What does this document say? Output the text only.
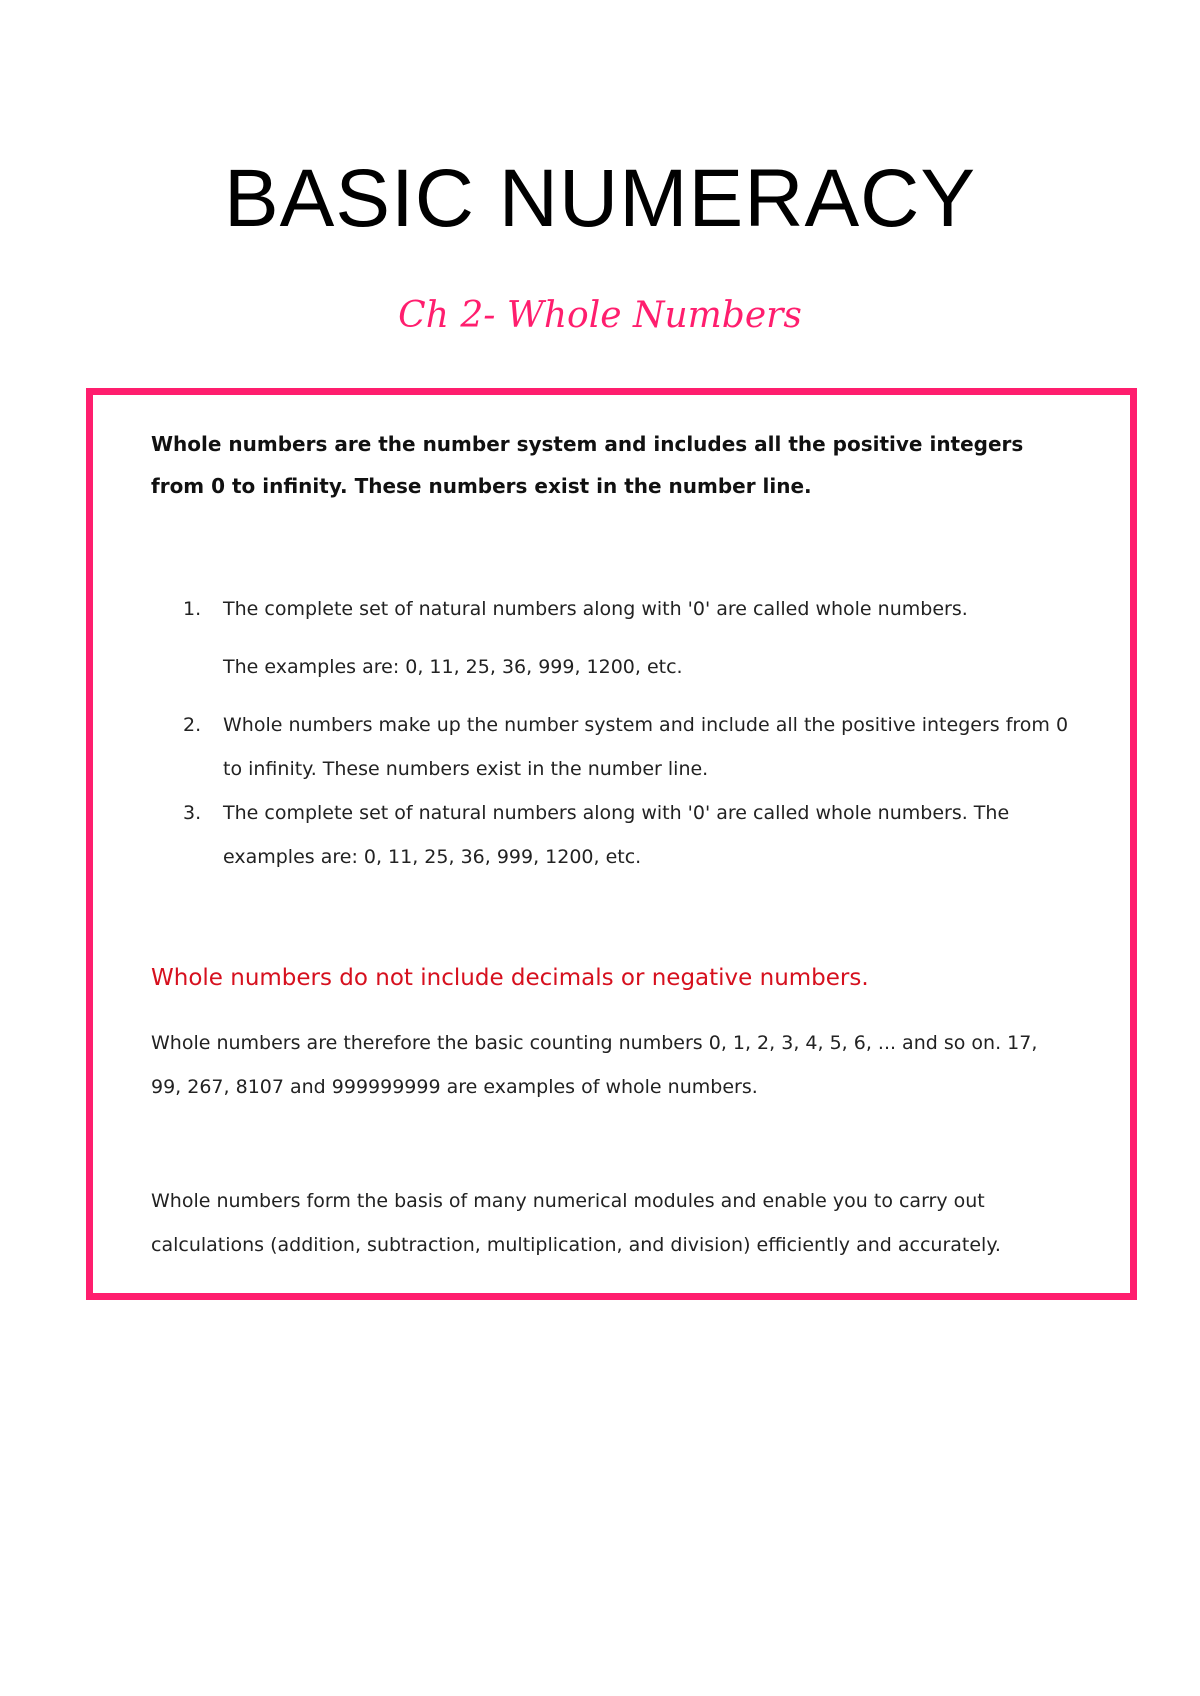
BASIC NUMERACY
Ch 2- Whole Numbers
Whole numbers are the number system and includes all the positive integers from 0 to infinity. These numbers exist in the number line.
1. The complete set of natural numbers along with '0' are called whole numbers.
The examples are: 0, 11, 25, 36, 999, 1200, etc.
2. Whole numbers make up the number system and include all the positive integers from 0 to infinity. These numbers exist in the number line.
3. The complete set of natural numbers along with '0' are called whole numbers. The examples are: 0, 11, 25, 36, 999, 1200, etc.
Whole numbers do not include decimals or negative numbers.
Whole numbers are therefore the basic counting numbers 0, 1, 2, 3, 4, 5, 6, ... and so on. 17, 99, 267, 8107 and 999999999 are examples of whole numbers.
Whole numbers form the basis of many numerical modules and enable you to carry out calculations (addition, subtraction, multiplication, and division) efficiently and accurately.
